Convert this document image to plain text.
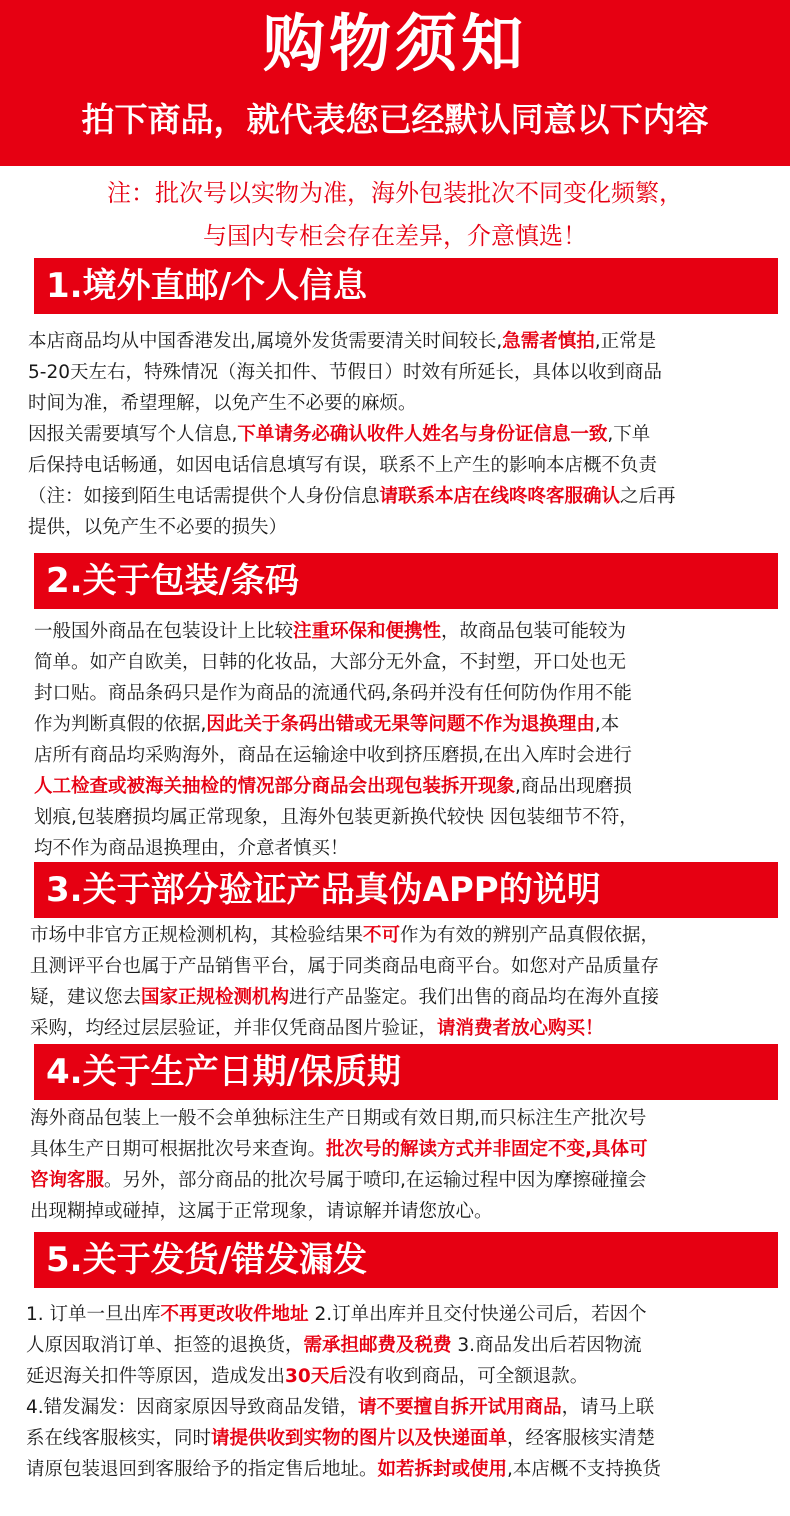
购物须知
拍下商品，就代表您已经默认同意以下内容
注：批次号以实物为准，海外包装批次不同变化频繁，
与国内专柜会存在差异，介意慎选！
1.境外直邮/个人信息
本店商品均从中国香港发出,属境外发货需要清关时间较长,急需者慎拍,正常是
5-20天左右，特殊情况（海关扣件、节假日）时效有所延长，具体以收到商品
时间为准，希望理解，以免产生不必要的麻烦。
因报关需要填写个人信息,下单请务必确认收件人姓名与身份证信息一致,下单
后保持电话畅通，如因电话信息填写有误，联系不上产生的影响本店概不负责
（注：如接到陌生电话需提供个人身份信息请联系本店在线咚咚客服确认之后再
提供，以免产生不必要的损失）
2.关于包装/条码
一般国外商品在包装设计上比较注重环保和便携性，故商品包装可能较为
简单。如产自欧美，日韩的化妆品，大部分无外盒，不封塑，开口处也无
封口贴。商品条码只是作为商品的流通代码,条码并没有任何防伪作用不能
作为判断真假的依据,因此关于条码出错或无果等问题不作为退换理由,本
店所有商品均采购海外，商品在运输途中收到挤压磨损,在出入库时会进行
人工检查或被海关抽检的情况部分商品会出现包装拆开现象,商品出现磨损
划痕,包装磨损均属正常现象，且海外包装更新换代较快 因包装细节不符，
均不作为商品退换理由，介意者慎买！
3.关于部分验证产品真伪APP的说明
市场中非官方正规检测机构，其检验结果不可作为有效的辨别产品真假依据，
且测评平台也属于产品销售平台，属于同类商品电商平台。如您对产品质量存
疑，建议您去国家正规检测机构进行产品鉴定。我们出售的商品均在海外直接
采购，均经过层层验证，并非仅凭商品图片验证，请消费者放心购买！
4.关于生产日期/保质期
海外商品包装上一般不会单独标注生产日期或有效日期,而只标注生产批次号
具体生产日期可根据批次号来查询。批次号的解读方式并非固定不变,具体可
咨询客服。另外，部分商品的批次号属于喷印,在运输过程中因为摩擦碰撞会
出现糊掉或碰掉，这属于正常现象，请谅解并请您放心。
5.关于发货/错发漏发
1. 订单一旦出库不再更改收件地址 2.订单出库并且交付快递公司后，若因个
人原因取消订单、拒签的退换货，需承担邮费及税费 3.商品发出后若因物流
延迟海关扣件等原因，造成发出30天后没有收到商品，可全额退款。
4.错发漏发：因商家原因导致商品发错，请不要擅自拆开试用商品，请马上联
系在线客服核实，同时请提供收到实物的图片以及快递面单，经客服核实清楚
请原包装退回到客服给予的指定售后地址。如若拆封或使用,本店概不支持换货
